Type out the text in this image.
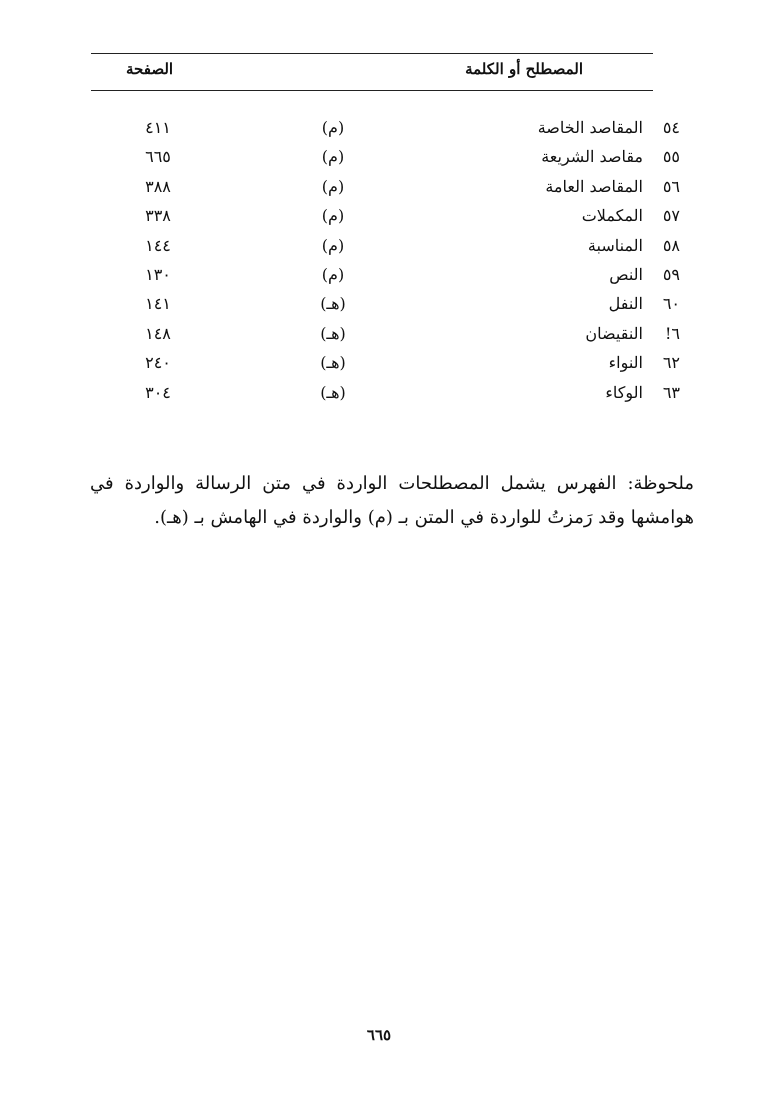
المصطلح أو الكلمة
الصفحة
٥٤
المقاصد الخاصة
(م)
٤١١
٥٥
مقاصد الشريعة
(م)
٦٦٥
٥٦
المقاصد العامة
(م)
٣٨٨
٥٧
المكملات
(م)
٣٣٨
٥٨
المناسبة
(م)
١٤٤
٥٩
النص
(م)
١٣٠
٦٠
النفل
(هـ)
١٤١
٦!
النقيضان
(هـ)
١٤٨
٦٢
النواء
(هـ)
٢٤٠
٦٣
الوكاء
(هـ)
٣٠٤

ملحوظة: الفهرس يشمل المصطلحات الواردة في متن الرسالة والواردة في هوامشها وقد رَمزتُ للواردة في المتن بـ (م) والواردة في الهامش بـ (هـ).

٦٦٥
